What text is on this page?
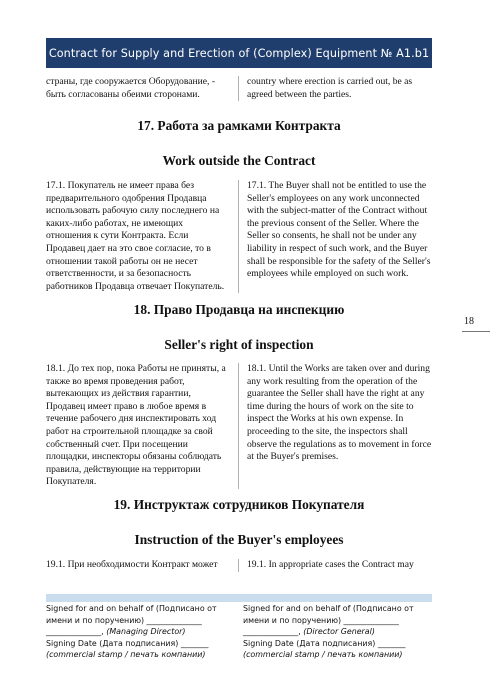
Contract for Supply and Erection of (Complex) Equipment № A1.b1
страны, где сооружается Оборудование, - быть согласованы обеими сторонами.
country where erection is carried out, be as agreed between the parties.
17. Работа за рамками Контракта
Work outside the Contract
17.1. Покупатель не имеет права без предварительного одобрения Продавца использовать рабочую силу последнего на каких-либо работах, не имеющих отношения к сути Контракта. Если Продавец дает на это свое согласие, то в отношении такой работы он не несет ответственности, и за безопасность работников Продавца отвечает Покупатель.
17.1. The Buyer shall not be entitled to use the Seller's employees on any work unconnected with the subject-matter of the Contract without the previous consent of the Seller. Where the Seller so consents, he shall not be under any liability in respect of such work, and the Buyer shall be responsible for the safety of the Seller's employees while employed on such work.
18. Право Продавца на инспекцию
Seller's right of inspection
18.1. До тех пор, пока Работы не приняты, а также во время проведения работ, вытекающих из действия гарантии, Продавец имеет право в любое время в течение рабочего дня инспектировать ход работ на строительной площадке за свой собственный счет. При посещении площадки, инспекторы обязаны соблюдать правила, действующие на территории Покупателя.
18.1. Until the Works are taken over and during any work resulting from the operation of the guarantee the Seller shall have the right at any time during the hours of work on the site to inspect the Works at his own expense. In proceeding to the site, the inspectors shall observe the regulations as to movement in force at the Buyer's premises.
19. Инструктаж сотрудников Покупателя
Instruction of the Buyer's employees
19.1. При необходимости Контракт может	19.1. In appropriate cases the Contract may
18
Signed for and on behalf of (Подписано от
имени и по поручению) ______________
______________, (Managing Director)
Signing Date (Дата подписания) _______
(commercial stamp / печать компании)
Signed for and on behalf of (Подписано от
имени и по поручению) ______________
______________, (Director General)
Signing Date (Дата подписания) _______
(commercial stamp / печать компании)
